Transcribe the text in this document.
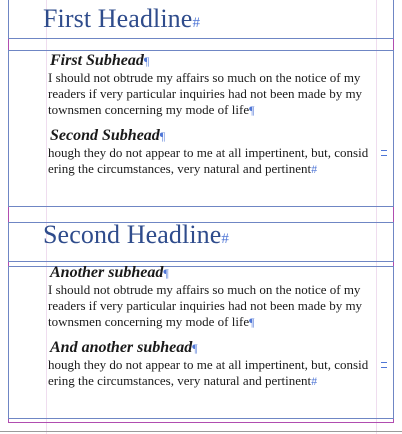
First Headline#
First Subhead¶
I should not obtrude my affairs so much on the notice of my
readers if very particular inquiries had not been made by my
townsmen concerning my mode of life¶
Second Subhead¶
hough they do not appear to me at all impertinent, but, consid
ering the circumstances, very natural and pertinent#
Second Headline#
Another subhead¶
I should not obtrude my affairs so much on the notice of my
readers if very particular inquiries had not been made by my
townsmen concerning my mode of life¶
And another subhead¶
hough they do not appear to me at all impertinent, but, consid
ering the circumstances, very natural and pertinent#
